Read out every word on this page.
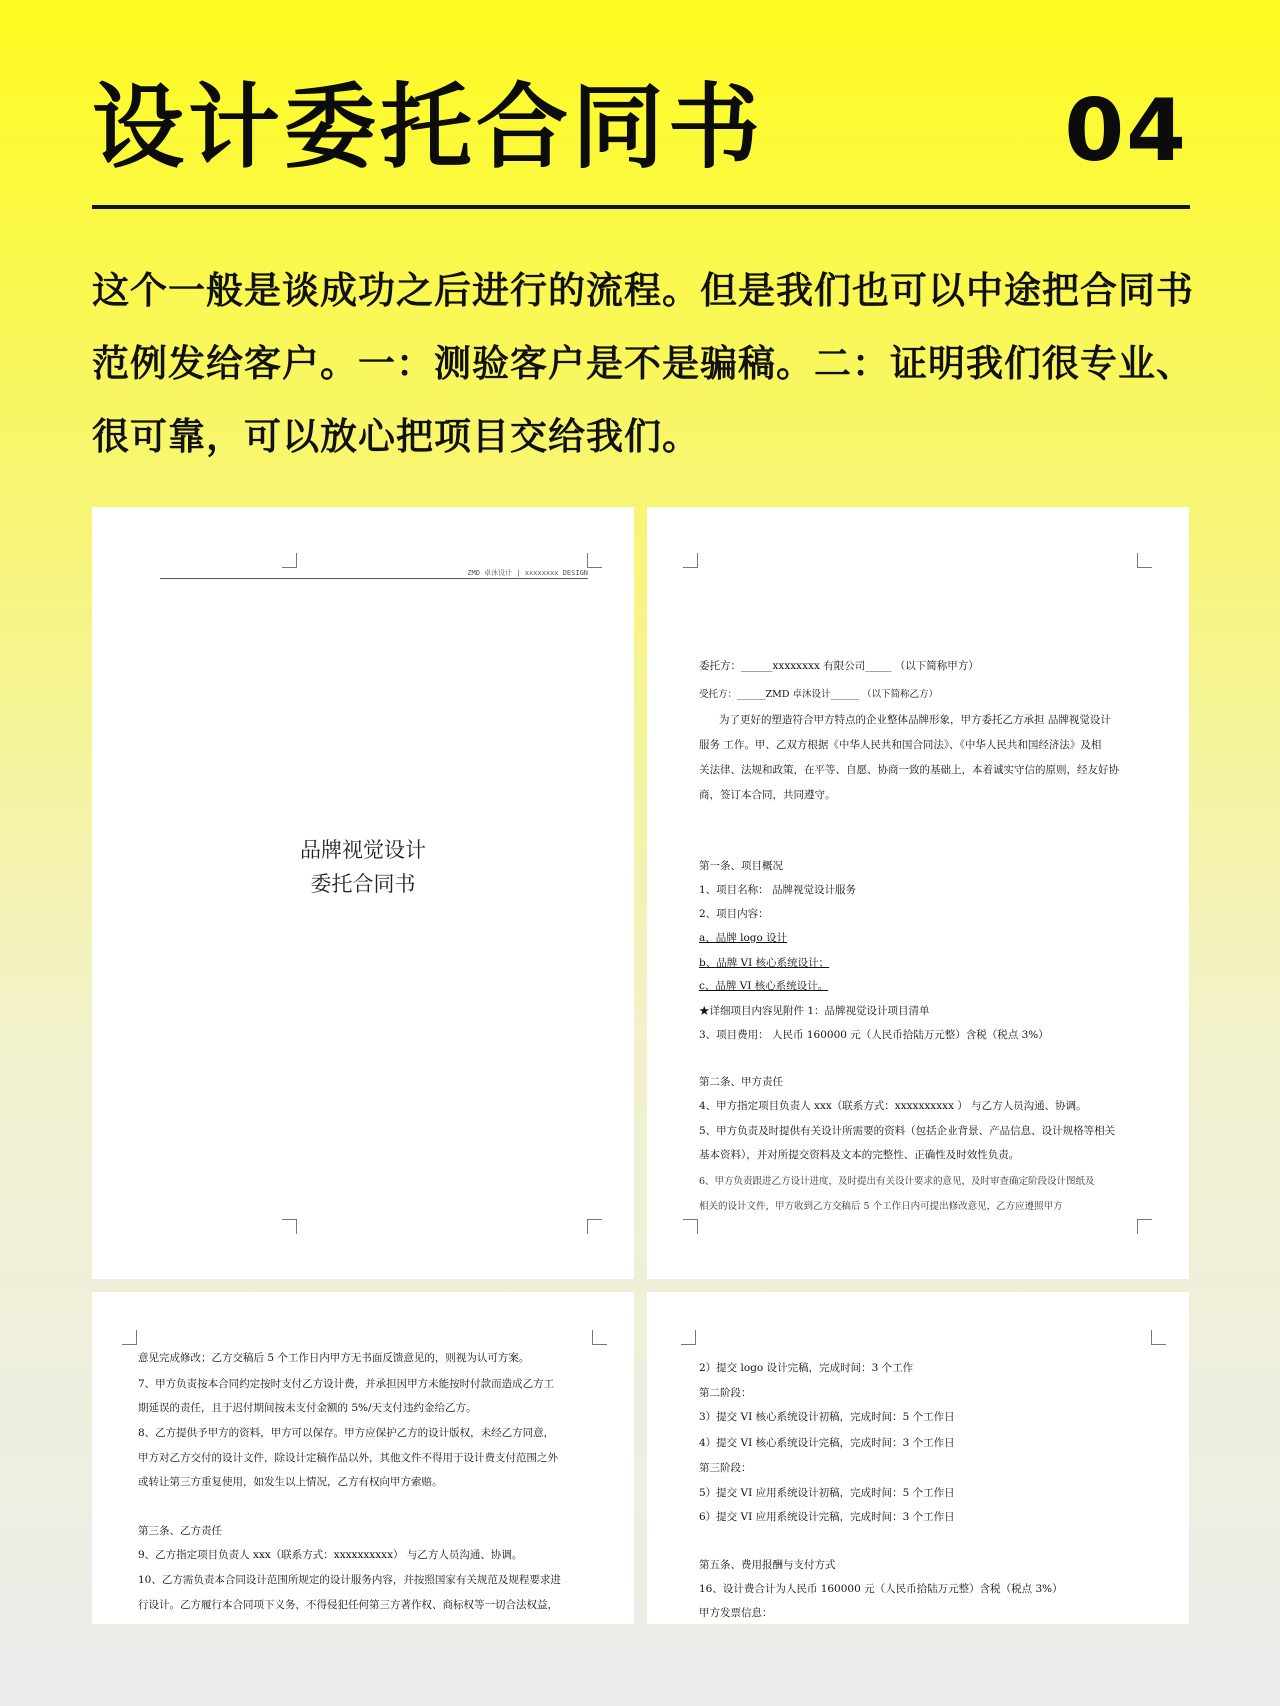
设计委托合同书	04
这个一般是谈成功之后进行的流程。但是我们也可以中途把合同书范例发给客户。一：测验客户是不是骗稿。二：证明我们很专业、很可靠，可以放心把项目交给我们。
ZMD 卓沐设计 | xxxxxxxx DESIGN
品牌视觉设计
委托合同书
委托方：______xxxxxxxx 有限公司_____ （以下简称甲方）
受托方：______ZMD 卓沐设计______ （以下简称乙方）
为了更好的塑造符合甲方特点的企业整体品牌形象，甲方委托乙方承担 品牌视觉设计
服务 工作。甲、乙双方根据《中华人民共和国合同法》、《中华人民共和国经济法》及相
关法律、法规和政策，在平等、自愿、协商一致的基础上，本着诚实守信的原则，经友好协
商，签订本合同，共同遵守。
第一条、项目概况
1、项目名称： 品牌视觉设计服务
2、项目内容：
a、品牌 logo 设计
b、品牌 VI 核心系统设计；
c、品牌 VI 核心系统设计。
★详细项目内容见附件 1：品牌视觉设计项目清单
3、项目费用： 人民币 160000 元（人民币拾陆万元整）含税（税点 3%）
第二条、甲方责任
4、甲方指定项目负责人 xxx（联系方式：xxxxxxxxxx ） 与乙方人员沟通、协调。
5、甲方负责及时提供有关设计所需要的资料（包括企业背景、产品信息、设计规格等相关
基本资料），并对所提交资料及文本的完整性、正确性及时效性负责。
6、甲方负责跟进乙方设计进度，及时提出有关设计要求的意见，及时审查确定阶段设计图纸及
相关的设计文件，甲方收到乙方交稿后 5 个工作日内可提出修改意见，乙方应遵照甲方
意见完成修改；乙方交稿后 5 个工作日内甲方无书面反馈意见的，则视为认可方案。
7、甲方负责按本合同约定按时支付乙方设计费，并承担因甲方未能按时付款而造成乙方工
期延误的责任，且于迟付期间按未支付金额的 5%/天支付违约金给乙方。
8、乙方提供予甲方的资料，甲方可以保存。甲方应保护乙方的设计版权，未经乙方同意，
甲方对乙方交付的设计文件，除设计定稿作品以外，其他文件不得用于设计费支付范围之外
或转让第三方重复使用，如发生以上情况，乙方有权向甲方索赔。
第三条、乙方责任
9、乙方指定项目负责人 xxx（联系方式：xxxxxxxxxx） 与乙方人员沟通、协调。
10、乙方需负责本合同设计范围所规定的设计服务内容，并按照国家有关规范及规程要求进
行设计。乙方履行本合同项下义务，不得侵犯任何第三方著作权、商标权等一切合法权益，
2）提交 logo 设计完稿，完成时间：3 个工作
第二阶段：
3）提交 VI 核心系统设计初稿，完成时间：5 个工作日
4）提交 VI 核心系统设计完稿，完成时间：3 个工作日
第三阶段：
5）提交 VI 应用系统设计初稿，完成时间：5 个工作日
6）提交 VI 应用系统设计完稿，完成时间：3 个工作日
第五条、费用报酬与支付方式
16、设计费合计为人民币 160000 元（人民币拾陆万元整）含税（税点 3%）
甲方发票信息：
